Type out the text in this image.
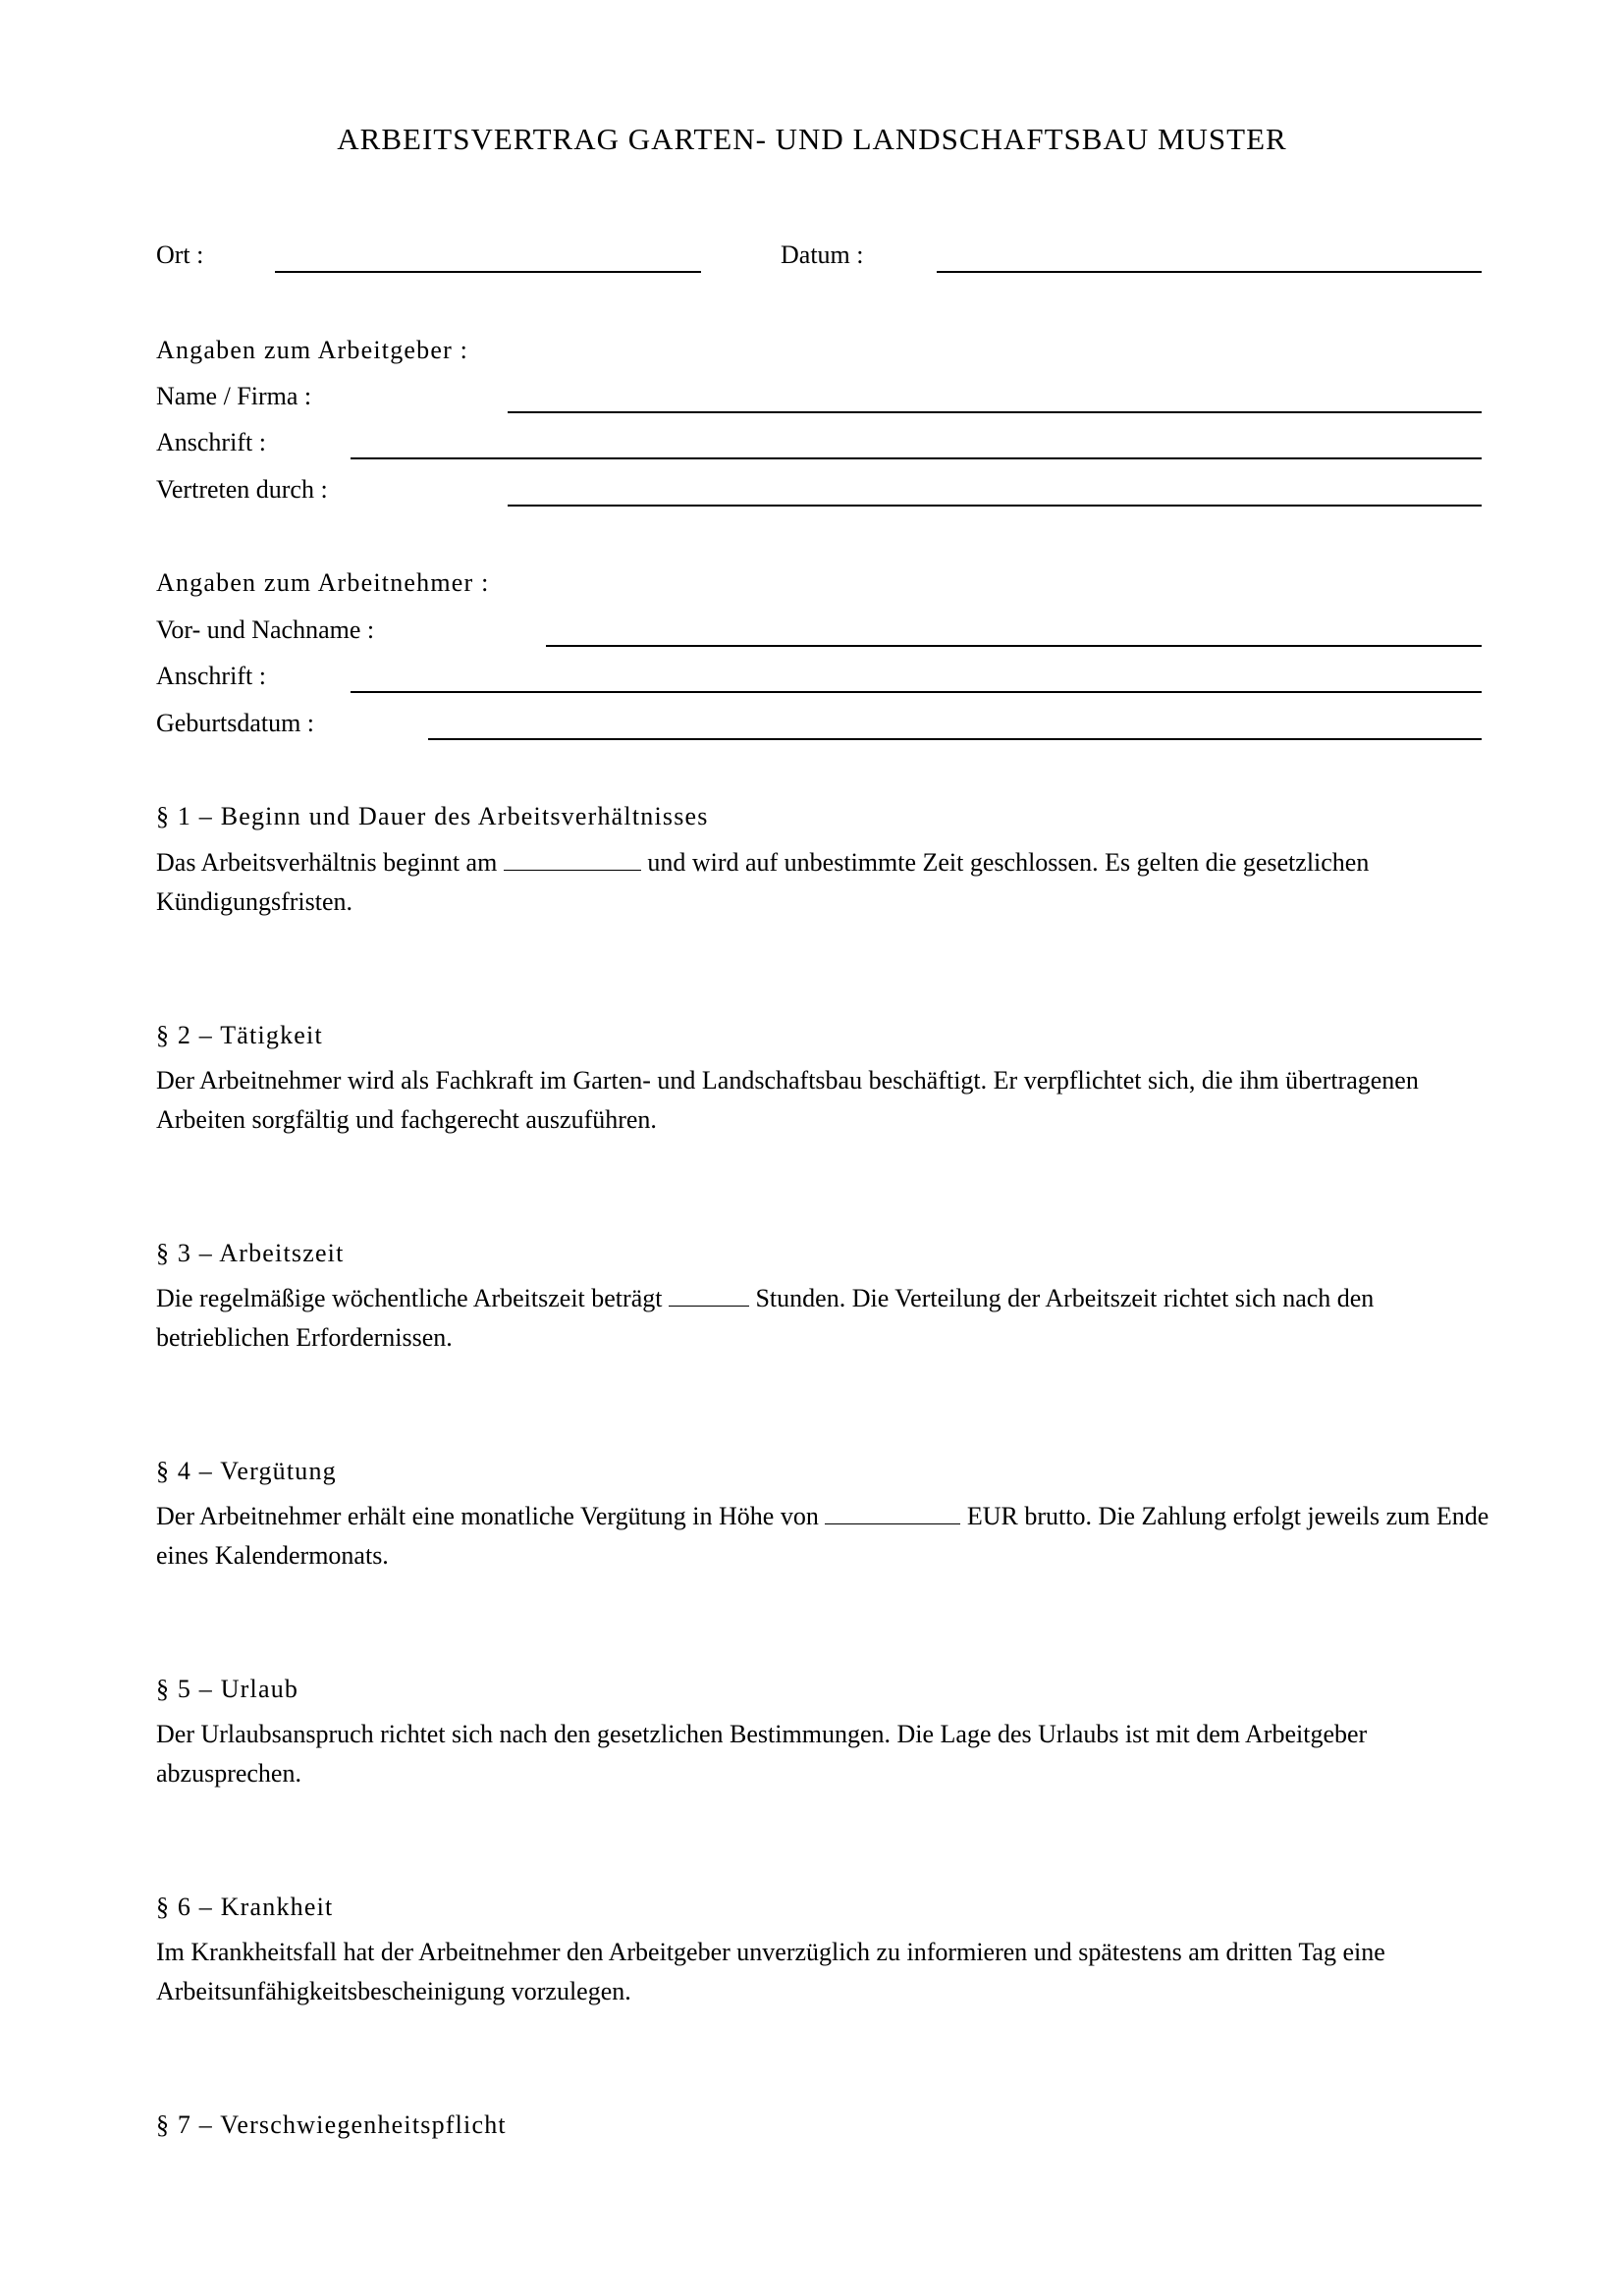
ARBEITSVERTRAG GARTEN- UND LANDSCHAFTSBAU MUSTER
Ort :	Datum :
Angaben zum Arbeitgeber :
Name / Firma :
Anschrift :
Vertreten durch :
Angaben zum Arbeitnehmer :
Vor- und Nachname :
Anschrift :
Geburtsdatum :
§ 1 – Beginn und Dauer des Arbeitsverhältnisses
Das Arbeitsverhältnis beginnt am	und wird auf unbestimmte Zeit geschlossen. Es gelten die gesetzlichen Kündigungsfristen.
§ 2 – Tätigkeit
Der Arbeitnehmer wird als Fachkraft im Garten- und Landschaftsbau beschäftigt. Er verpflichtet sich, die ihm übertragenen Arbeiten sorgfältig und fachgerecht auszuführen.
§ 3 – Arbeitszeit
Die regelmäßige wöchentliche Arbeitszeit beträgt	Stunden. Die Verteilung der Arbeitszeit richtet sich nach den betrieblichen Erfordernissen.
§ 4 – Vergütung
Der Arbeitnehmer erhält eine monatliche Vergütung in Höhe von	EUR brutto. Die Zahlung erfolgt jeweils zum Ende eines Kalendermonats.
§ 5 – Urlaub
Der Urlaubsanspruch richtet sich nach den gesetzlichen Bestimmungen. Die Lage des Urlaubs ist mit dem Arbeitgeber abzusprechen.
§ 6 – Krankheit
Im Krankheitsfall hat der Arbeitnehmer den Arbeitgeber unverzüglich zu informieren und spätestens am dritten Tag eine Arbeitsunfähigkeitsbescheinigung vorzulegen.
§ 7 – Verschwiegenheitspflicht
